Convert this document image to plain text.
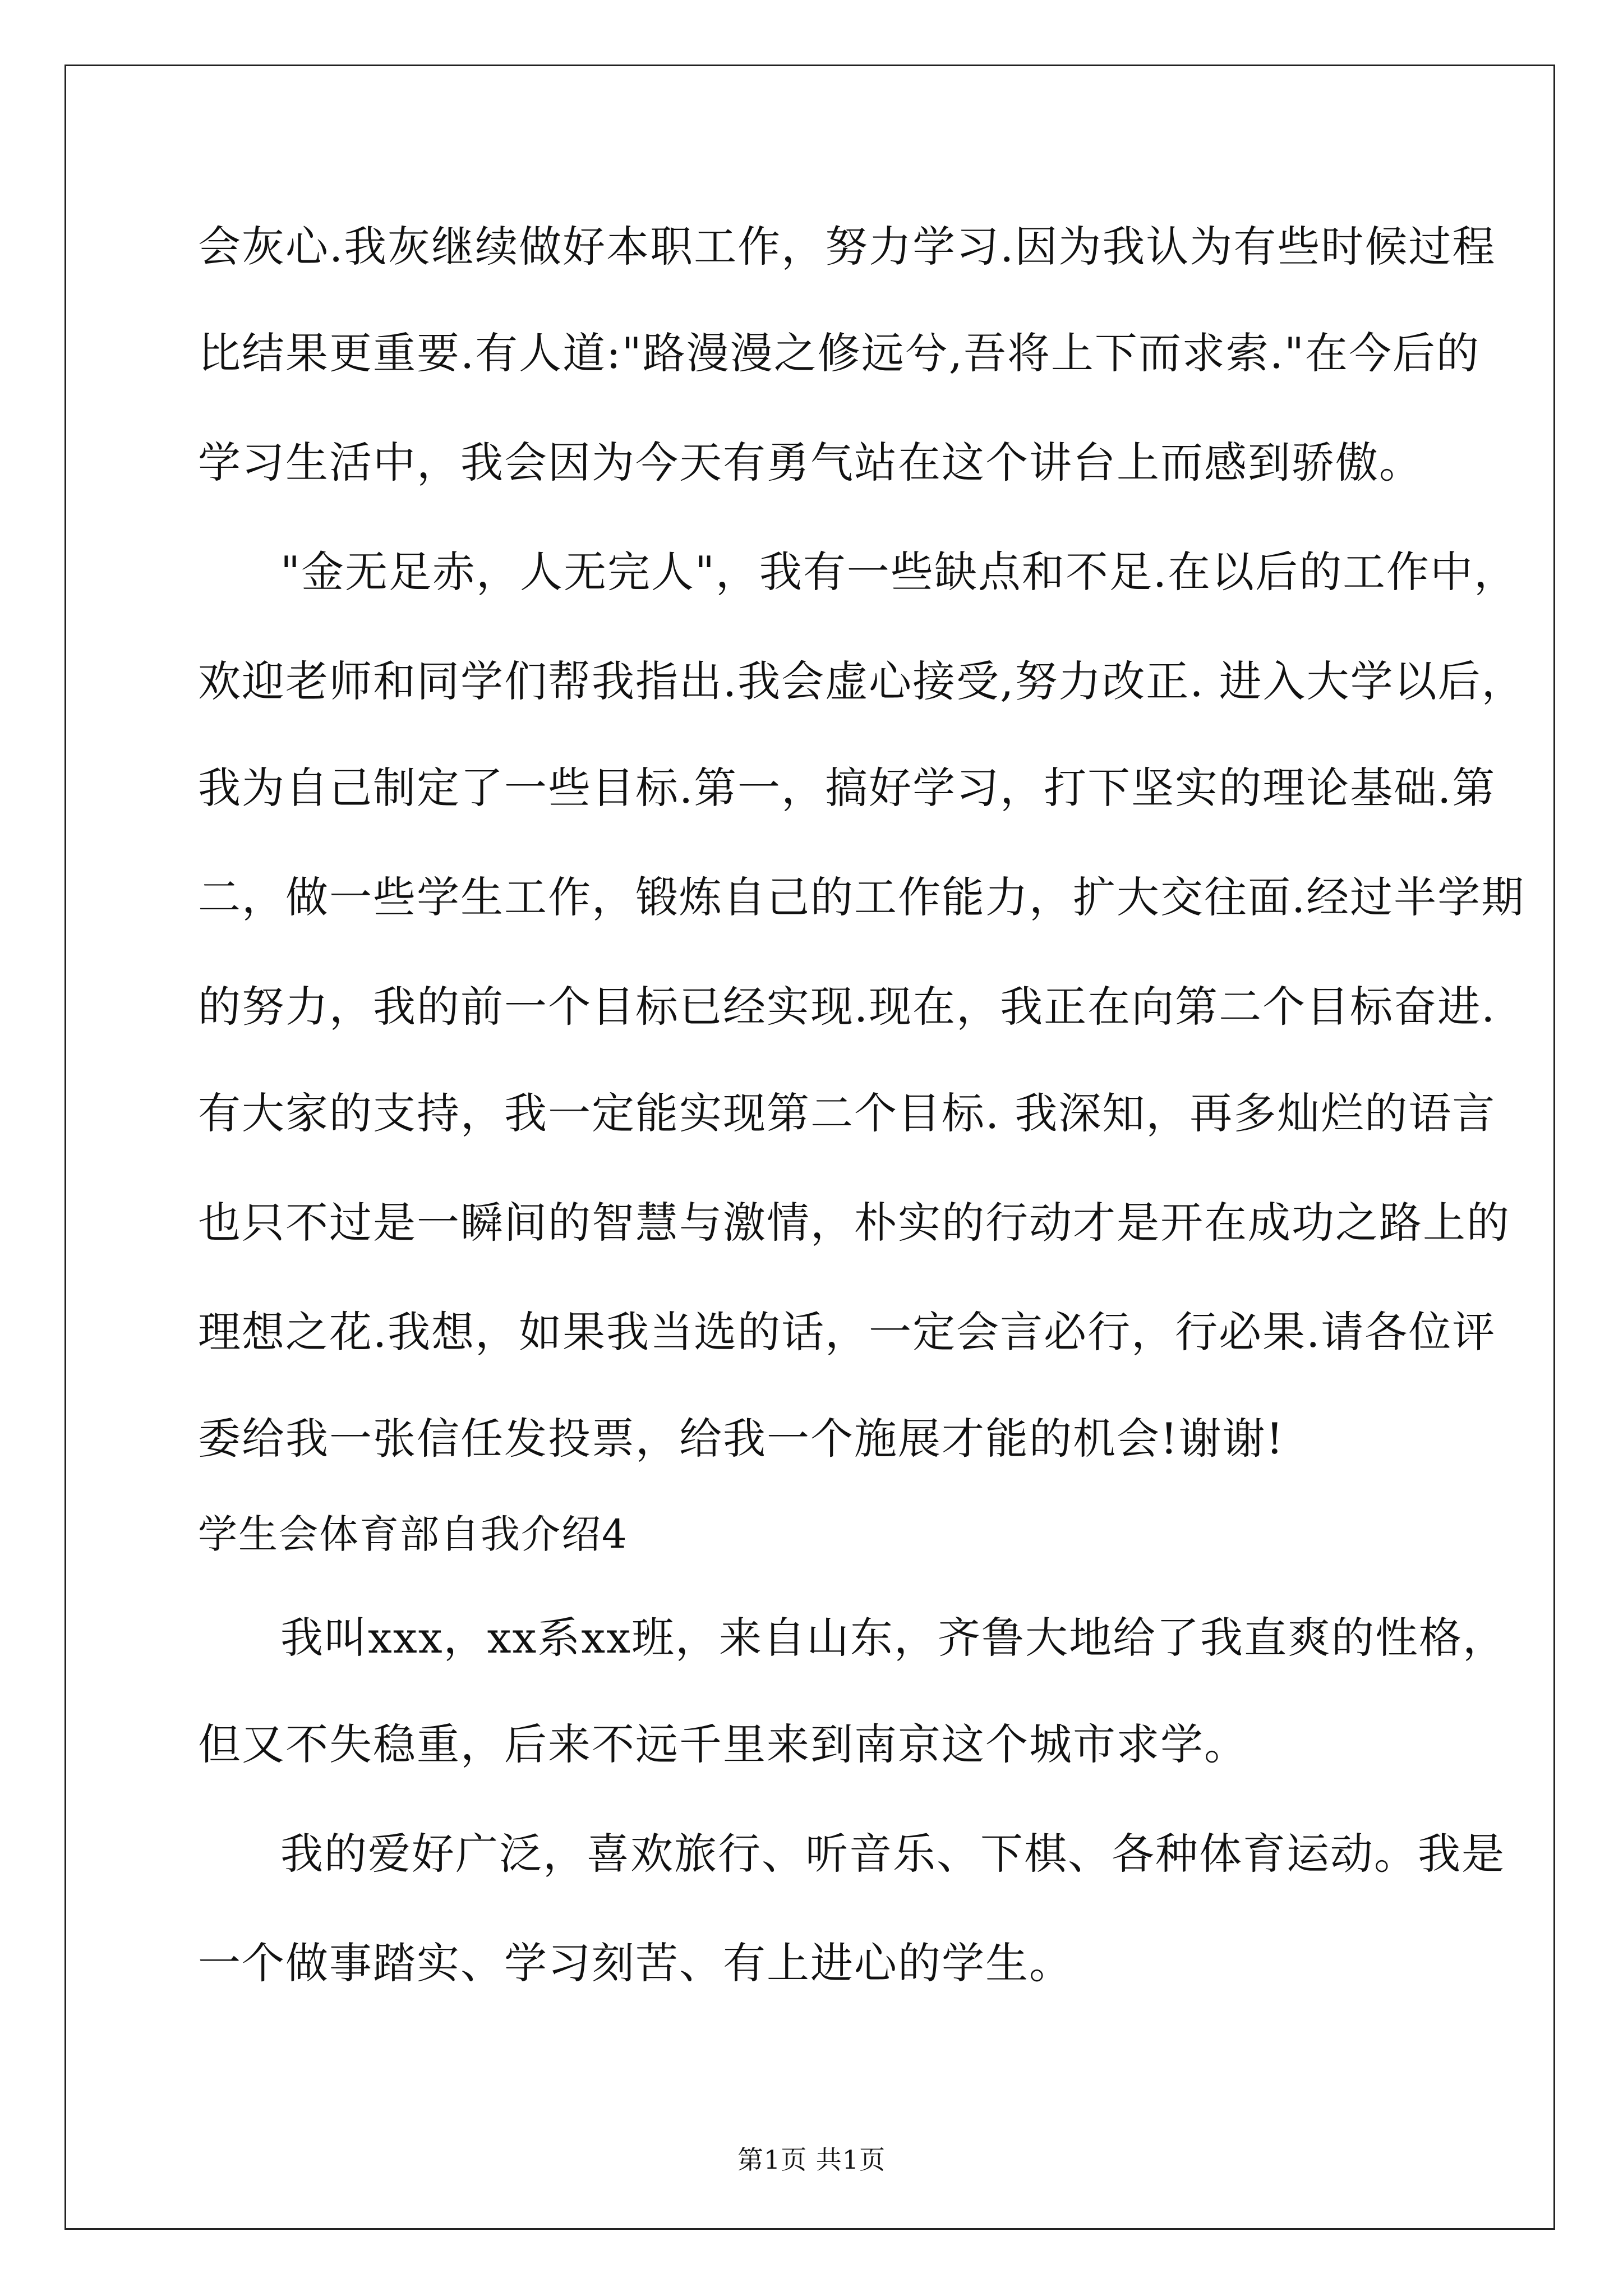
会灰心.我灰继续做好本职工作，努力学习.因为我认为有些时候过程
比结果更重要.有人道:"路漫漫之修远兮,吾将上下而求索."在今后的
学习生活中，我会因为今天有勇气站在这个讲台上而感到骄傲。
"金无足赤，人无完人"，我有一些缺点和不足.在以后的工作中，
欢迎老师和同学们帮我指出.我会虚心接受,努力改正. 进入大学以后，
我为自己制定了一些目标.第一，搞好学习，打下坚实的理论基础.第
二，做一些学生工作，锻炼自己的工作能力，扩大交往面.经过半学期
的努力，我的前一个目标已经实现.现在，我正在向第二个目标奋进.
有大家的支持，我一定能实现第二个目标. 我深知，再多灿烂的语言
也只不过是一瞬间的智慧与激情，朴实的行动才是开在成功之路上的
理想之花.我想，如果我当选的话，一定会言必行，行必果.请各位评
委给我一张信任发投票，给我一个施展才能的机会!谢谢!
学生会体育部自我介绍4
我叫xxx，xx系xx班，来自山东，齐鲁大地给了我直爽的性格，
但又不失稳重，后来不远千里来到南京这个城市求学。
我的爱好广泛，喜欢旅行、听音乐、下棋、各种体育运动。我是
一个做事踏实、学习刻苦、有上进心的学生。
第1页 共1页
